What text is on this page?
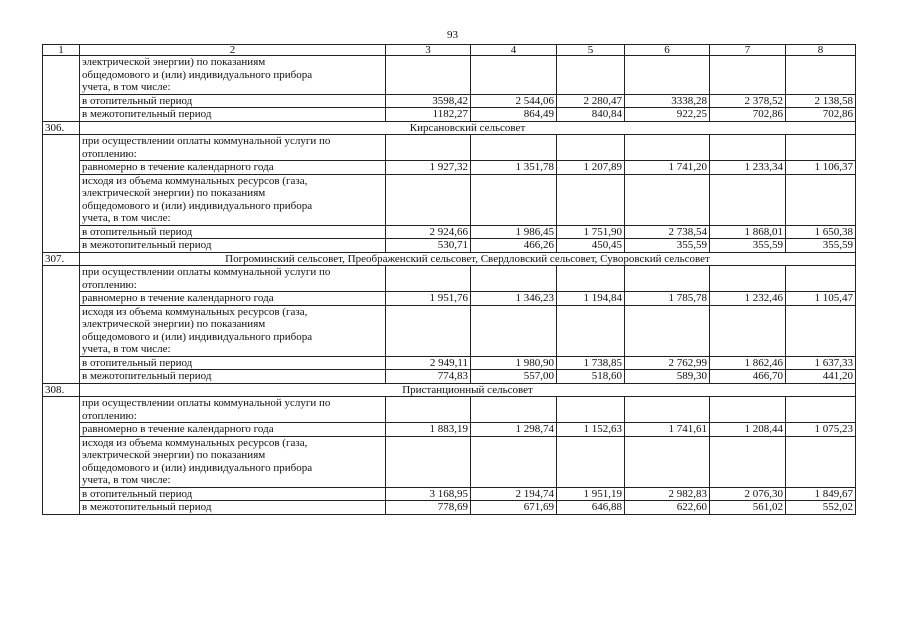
93
1	2	3	4	5	6	7	8

	электрической энергии) по показаниям
общедомового и (или) индивидуального прибора
учета, в том числе:						

	в отопительный период	3598,42	2 544,06	2 280,47	3338,28	2 378,52	2 138,58
	в межотопительный период	1182,27	864,49	840,84	922,25	702,86	702,86
306.	Кирсановский сельсовет						

	при осуществлении оплаты коммунальной услуги по
отоплению:						

	равномерно в течение календарного года	1 927,32	1 351,78	1 207,89	1 741,20	1 233,34	1 106,37

	исходя из объема коммунальных ресурсов (газа,
электрической энергии) по показаниям
общедомового и (или) индивидуального прибора
учета, в том числе:						

	в отопительный период	2 924,66	1 986,45	1 751,90	2 738,54	1 868,01	1 650,38
	в межотопительный период	530,71	466,26	450,45	355,59	355,59	355,59
307.	Погроминский сельсовет, Преображенский сельсовет, Свердловский сельсовет, Суворовский сельсовет						

	при осуществлении оплаты коммунальной услуги по
отоплению:						

	равномерно в течение календарного года	1 951,76	1 346,23	1 194,84	1 785,78	1 232,46	1 105,47

	исходя из объема коммунальных ресурсов (газа,
электрической энергии) по показаниям
общедомового и (или) индивидуального прибора
учета, в том числе:						

	в отопительный период	2 949,11	1 980,90	1 738,85	2 762,99	1 862,46	1 637,33
	в межотопительный период	774,83	557,00	518,60	589,30	466,70	441,20
308.	Пристанционный сельсовет						

	при осуществлении оплаты коммунальной услуги по
отоплению:						

	равномерно в течение календарного года	1 883,19	1 298,74	1 152,63	1 741,61	1 208,44	1 075,23

	исходя из объема коммунальных ресурсов (газа,
электрической энергии) по показаниям
общедомового и (или) индивидуального прибора
учета, в том числе:						

	в отопительный период	3 168,95	2 194,74	1 951,19	2 982,83	2 076,30	1 849,67
	в межотопительный период	778,69	671,69	646,88	622,60	561,02	552,02
